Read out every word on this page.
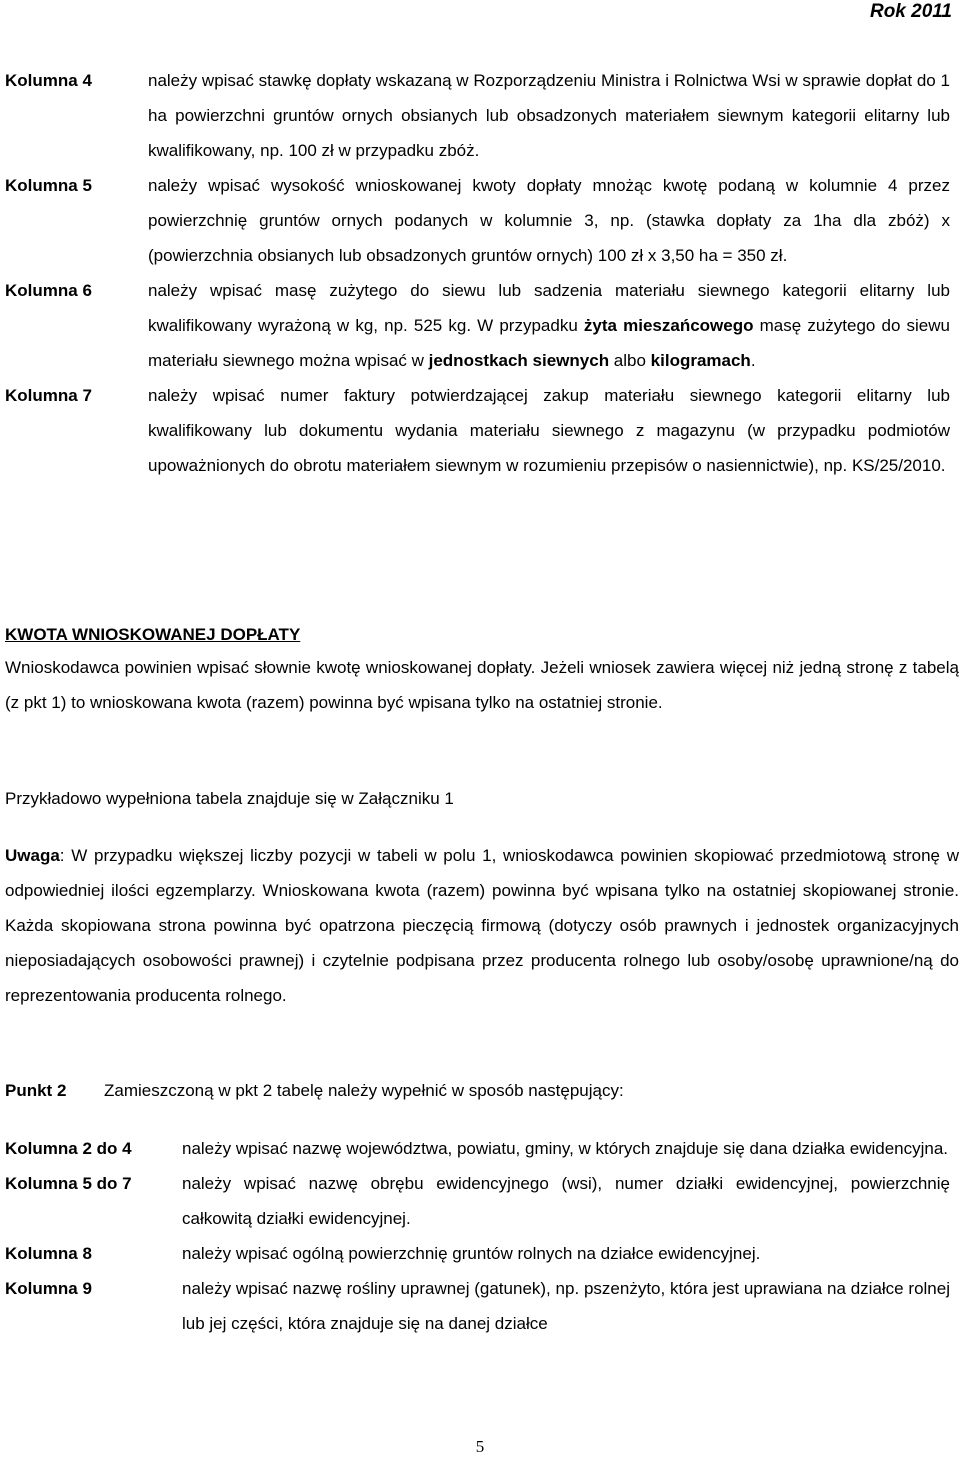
Rok 2011
Kolumna 4	należy wpisać stawkę dopłaty wskazaną w Rozporządzeniu Ministra i Rolnictwa Wsi w sprawie dopłat do 1 ha powierzchni gruntów ornych obsianych lub obsadzonych materiałem siewnym kategorii elitarny lub kwalifikowany, np. 100 zł w przypadku zbóż.
Kolumna 5	należy wpisać wysokość wnioskowanej kwoty dopłaty mnożąc kwotę podaną w kolumnie 4 przez powierzchnię gruntów ornych podanych w kolumnie 3, np. (stawka dopłaty za 1ha dla zbóż) x (powierzchnia obsianych lub obsadzonych gruntów ornych) 100 zł x 3,50 ha = 350 zł.
Kolumna 6	należy wpisać masę zużytego do siewu lub sadzenia materiału siewnego kategorii elitarny lub kwalifikowany wyrażoną w kg, np. 525 kg. W przypadku żyta mieszańcowego masę zużytego do siewu materiału siewnego można wpisać w jednostkach siewnych albo kilogramach.
Kolumna 7	należy wpisać numer faktury potwierdzającej zakup materiału siewnego kategorii elitarny lub kwalifikowany lub dokumentu wydania materiału siewnego z magazynu (w przypadku podmiotów upoważnionych do obrotu materiałem siewnym w rozumieniu przepisów o nasiennictwie), np. KS/25/2010.
KWOTA WNIOSKOWANEJ DOPŁATY
Wnioskodawca powinien wpisać słownie kwotę wnioskowanej dopłaty. Jeżeli wniosek zawiera więcej niż jedną stronę z tabelą (z pkt 1) to wnioskowana kwota (razem) powinna być wpisana tylko na ostatniej stronie.
Przykładowo wypełniona tabela znajduje się w Załączniku 1
Uwaga: W przypadku większej liczby pozycji w tabeli w polu 1, wnioskodawca powinien skopiować przedmiotową stronę w odpowiedniej ilości egzemplarzy. Wnioskowana kwota (razem) powinna być wpisana tylko na ostatniej skopiowanej stronie. Każda skopiowana strona powinna być opatrzona pieczęcią firmową (dotyczy osób prawnych i jednostek organizacyjnych nieposiadających osobowości prawnej) i czytelnie podpisana przez producenta rolnego lub osoby/osobę uprawnione/ną do reprezentowania producenta rolnego.
Punkt 2	Zamieszczoną w pkt 2 tabelę należy wypełnić w sposób następujący:
Kolumna 2 do 4	należy wpisać nazwę województwa, powiatu, gminy, w których znajduje się dana działka ewidencyjna.
Kolumna 5 do 7	należy wpisać nazwę obrębu ewidencyjnego (wsi), numer działki ewidencyjnej, powierzchnię całkowitą działki ewidencyjnej.
Kolumna 8	należy wpisać ogólną powierzchnię gruntów rolnych na działce ewidencyjnej.
Kolumna 9	należy wpisać nazwę rośliny uprawnej (gatunek), np. pszenżyto, która jest uprawiana na działce rolnej lub jej części, która znajduje się na danej działce
5
